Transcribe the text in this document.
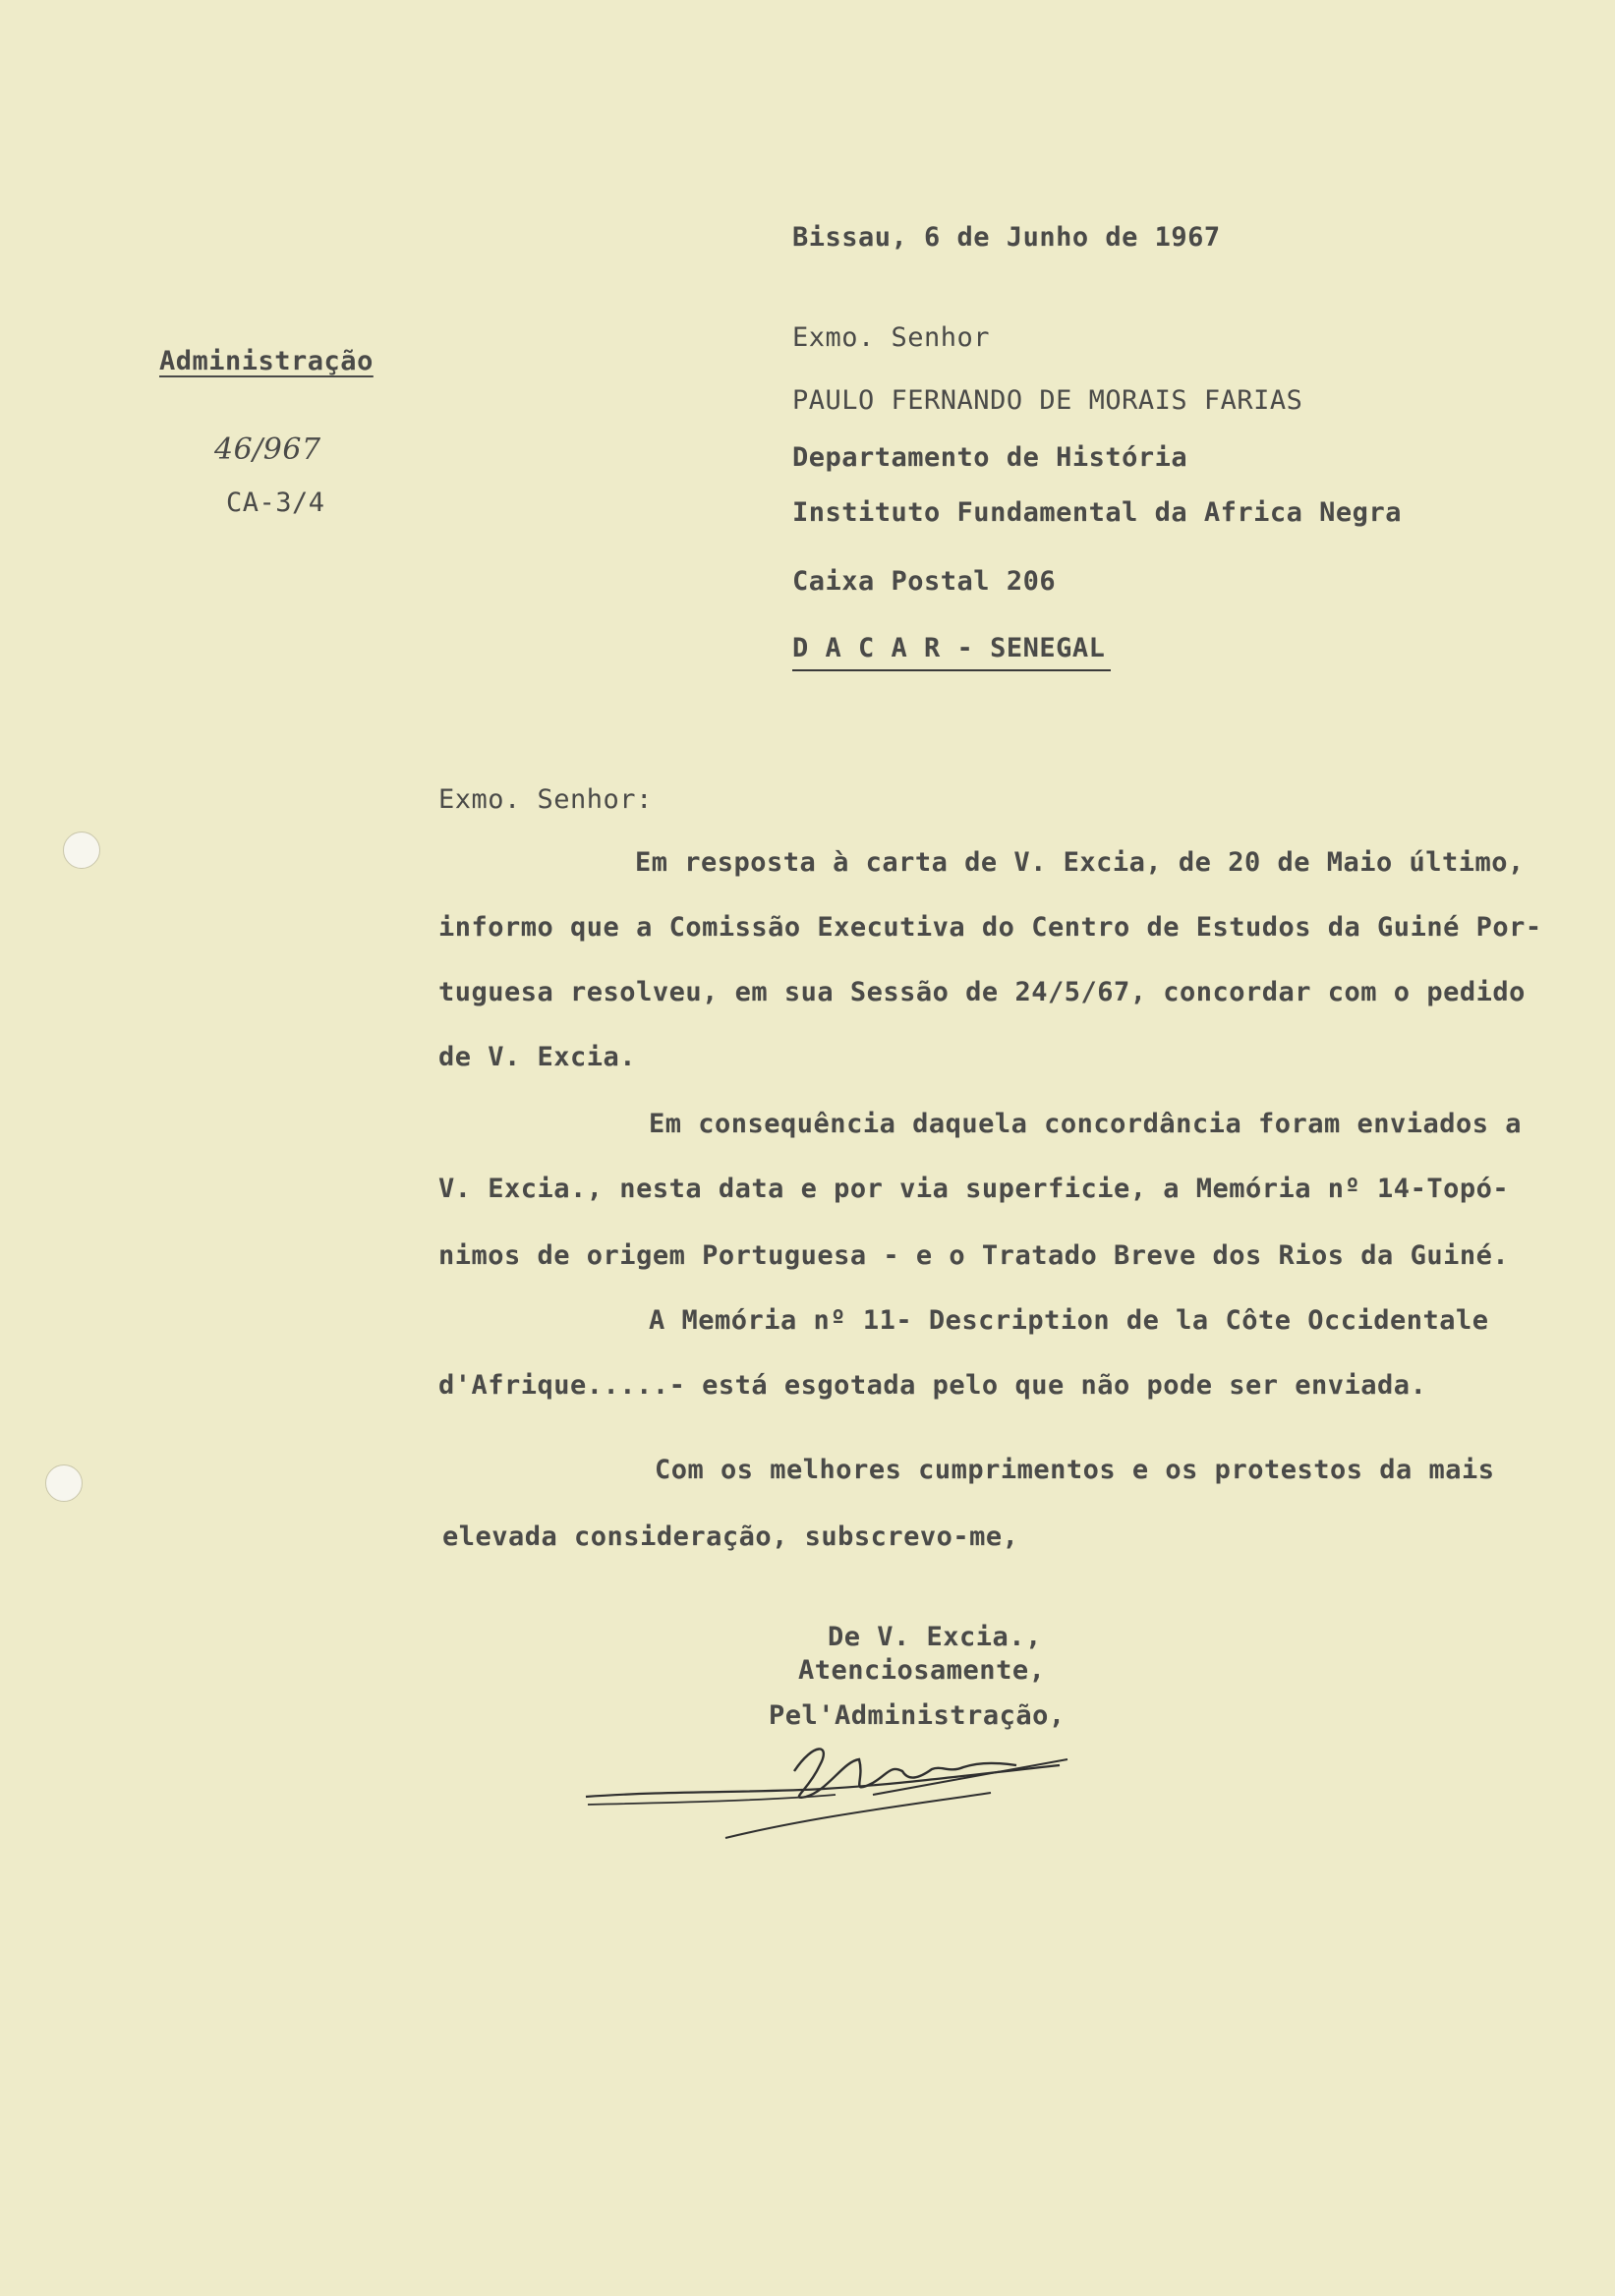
Administração
46/967
CA-3/4
Bissau, 6 de Junho de 1967
Exmo. Senhor
PAULO FERNANDO DE MORAIS FARIAS
Departamento de História
Instituto Fundamental da Africa Negra
Caixa Postal 206
D A C A R - SENEGAL
Exmo. Senhor:
Em resposta à carta de V. Excia, de 20 de Maio último,
informo que a Comissão Executiva do Centro de Estudos da Guiné Por-
tuguesa resolveu, em sua Sessão de 24/5/67, concordar com o pedido
de V. Excia.
Em consequência daquela concordância foram enviados a
V. Excia., nesta data e por via superficie, a Memória nº 14-Topó-
nimos de origem Portuguesa - e o Tratado Breve dos Rios da Guiné.
A Memória nº 11- Description de la Côte Occidentale
d'Afrique.....- está esgotada pelo que não pode ser enviada.
Com os melhores cumprimentos e os protestos da mais
elevada consideração, subscrevo-me,
De V. Excia.,
Atenciosamente,
Pel'Administração,
